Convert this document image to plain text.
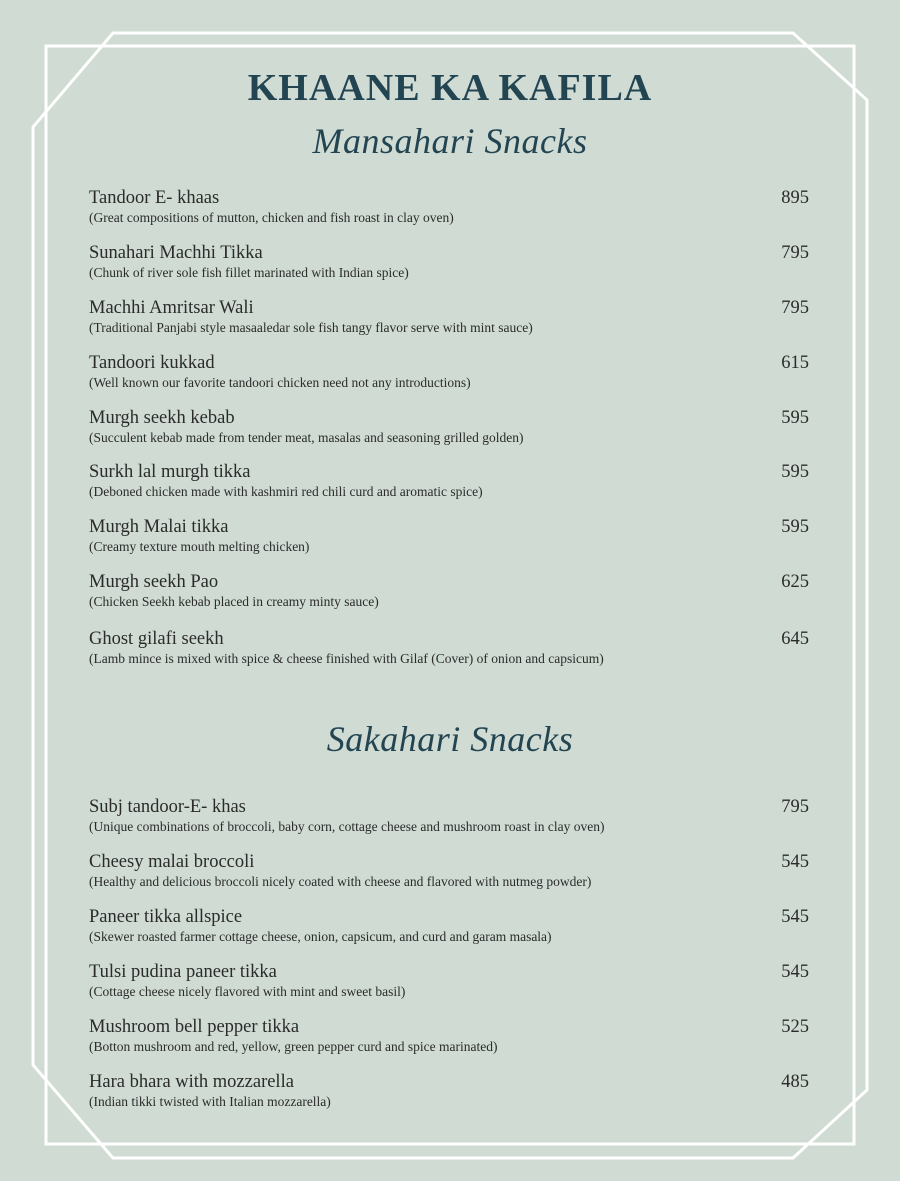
KHAANE KA KAFILA
Mansahari Snacks
Tandoor E- khaas
(Great compositions of mutton, chicken and fish roast in clay oven)
895
Sunahari Machhi Tikka
(Chunk of river sole fish fillet marinated with Indian spice)
795
Machhi Amritsar Wali
(Traditional Panjabi style masaaledar sole fish tangy flavor serve with mint sauce)
795
Tandoori kukkad
(Well known our favorite tandoori chicken need not any introductions)
615
Murgh seekh kebab
(Succulent kebab made from tender meat, masalas and seasoning grilled golden)
595
Surkh lal murgh tikka
(Deboned chicken made with kashmiri red chili curd and aromatic spice)
595
Murgh Malai tikka
(Creamy texture mouth melting chicken)
595
Murgh seekh Pao
(Chicken Seekh kebab placed in creamy minty sauce)
625
Ghost gilafi seekh
(Lamb mince is mixed with spice & cheese finished with Gilaf (Cover) of onion and capsicum)
645
Sakahari Snacks
Subj tandoor-E- khas
(Unique combinations of broccoli, baby corn, cottage cheese and mushroom roast in clay oven)
795
Cheesy malai broccoli
(Healthy and delicious broccoli nicely coated with cheese and flavored with nutmeg powder)
545
Paneer tikka allspice
(Skewer roasted farmer cottage cheese, onion, capsicum, and curd and garam masala)
545
Tulsi pudina paneer tikka
(Cottage cheese nicely flavored with mint and sweet basil)
545
Mushroom bell pepper tikka
(Botton mushroom and red, yellow, green pepper curd and spice marinated)
525
Hara bhara with mozzarella
(Indian tikki twisted with Italian mozzarella)
485
